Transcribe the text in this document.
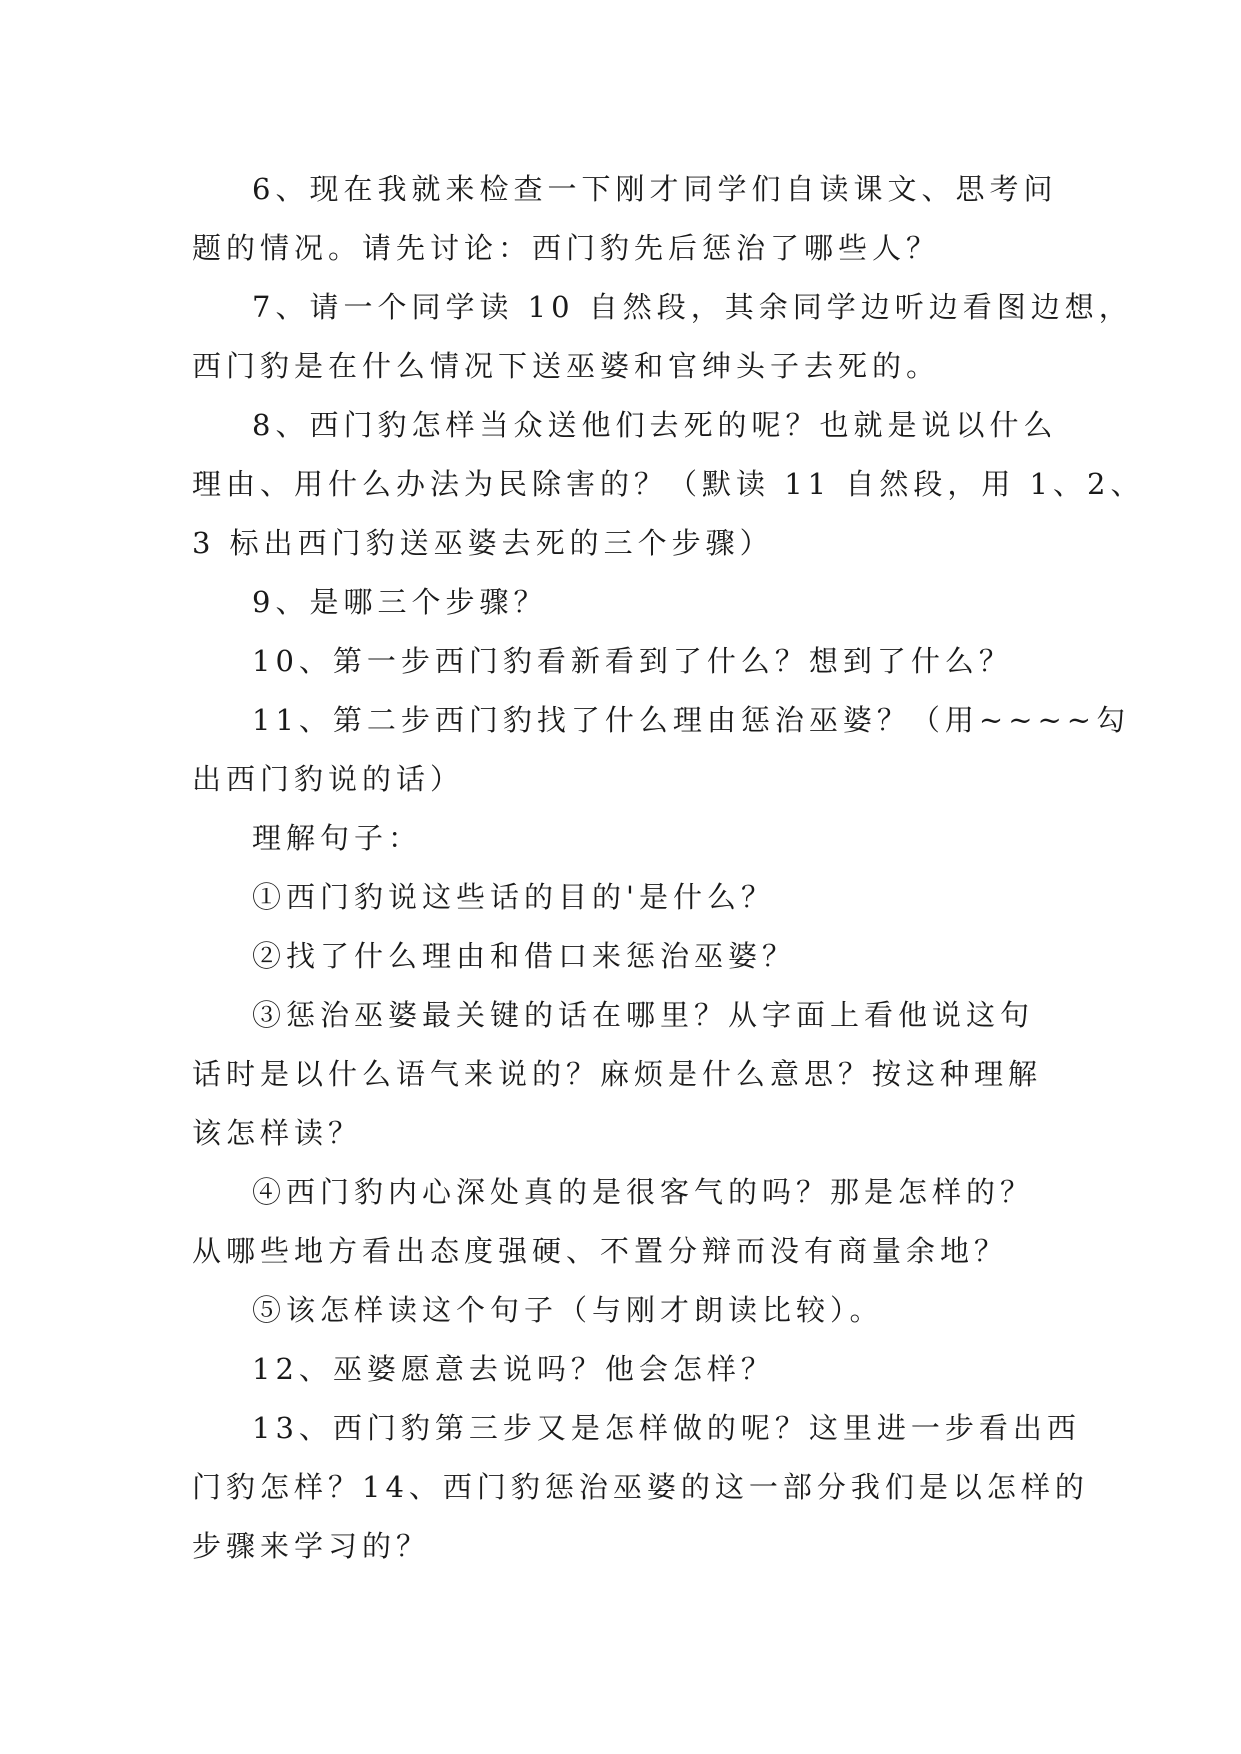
6、现在我就来检查一下刚才同学们自读课文、思考问
题的情况。请先讨论：西门豹先后惩治了哪些人？
7、请一个同学读 10 自然段，其余同学边听边看图边想，
西门豹是在什么情况下送巫婆和官绅头子去死的。
8、西门豹怎样当众送他们去死的呢？也就是说以什么
理由、用什么办法为民除害的？（默读 11 自然段，用 1、2、
3 标出西门豹送巫婆去死的三个步骤）
9、是哪三个步骤？
10、第一步西门豹看新看到了什么？想到了什么？
11、第二步西门豹找了什么理由惩治巫婆？（用~~~~勾
出西门豹说的话）
理解句子：
①西门豹说这些话的目的'是什么？
②找了什么理由和借口来惩治巫婆？
③惩治巫婆最关键的话在哪里？从字面上看他说这句
话时是以什么语气来说的？麻烦是什么意思？按这种理解
该怎样读？
④西门豹内心深处真的是很客气的吗？那是怎样的？
从哪些地方看出态度强硬、不置分辩而没有商量余地？
⑤该怎样读这个句子（与刚才朗读比较）。
12、巫婆愿意去说吗？他会怎样？
13、西门豹第三步又是怎样做的呢？这里进一步看出西
门豹怎样？14、西门豹惩治巫婆的这一部分我们是以怎样的
步骤来学习的？
